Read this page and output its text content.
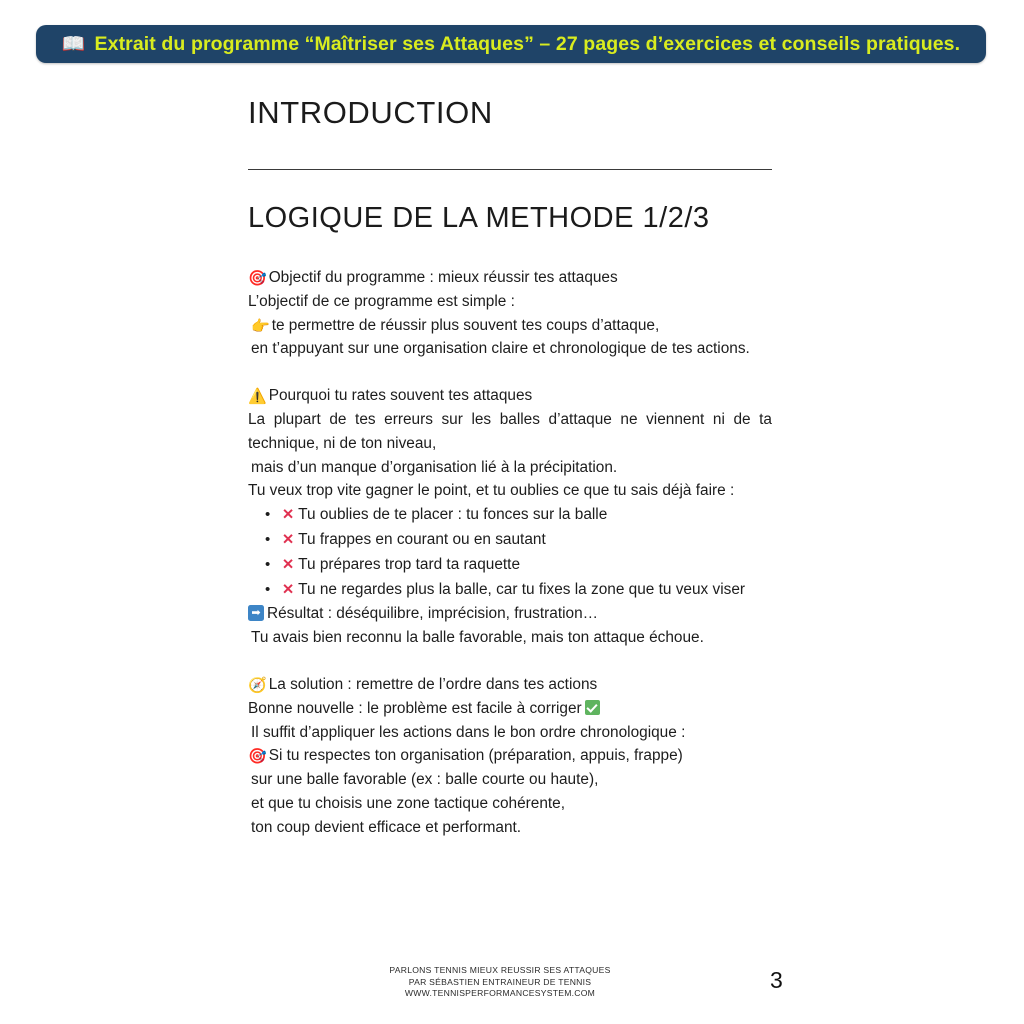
📖 Extrait du programme “Maîtriser ses Attaques” – 27 pages d’exercices et conseils pratiques.
INTRODUCTION
LOGIQUE DE LA METHODE 1/2/3

🎯 Objectif du programme : mieux réussir tes attaques

L’objectif de ce programme est simple :

👉 te permettre de réussir plus souvent tes coups d’attaque,

en t’appuyant sur une organisation claire et chronologique de tes actions.

⚠️ Pourquoi tu rates souvent tes attaques

La plupart de tes erreurs sur les balles d’attaque ne viennent ni de ta technique, ni de ton niveau,

mais d’un manque d’organisation lié à la précipitation.

Tu veux trop vite gagner le point, et tu oublies ce que tu sais déjà faire :

• ✕ Tu oublies de te placer : tu fonces sur la balle
• ✕ Tu frappes en courant ou en sautant
• ✕ Tu prépares trop tard ta raquette
• ✕ Tu ne regardes plus la balle, car tu fixes la zone que tu veux viser

➡Résultat : déséquilibre, imprécision, frustration…

Tu avais bien reconnu la balle favorable, mais ton attaque échoue.

🧭 La solution : remettre de l’ordre dans tes actions

Bonne nouvelle : le problème est facile à corriger

Il suffit d’appliquer les actions dans le bon ordre chronologique :

🎯 Si tu respectes ton organisation (préparation, appuis, frappe)

sur une balle favorable (ex : balle courte ou haute),

et que tu choisis une zone tactique cohérente,

ton coup devient efficace et performant.

PARLONS TENNIS MIEUX REUSSIR SES ATTAQUES
PAR SÉBASTIEN ENTRAINEUR DE TENNIS
WWW.TENNISPERFORMANCESYSTEM.COM
3
